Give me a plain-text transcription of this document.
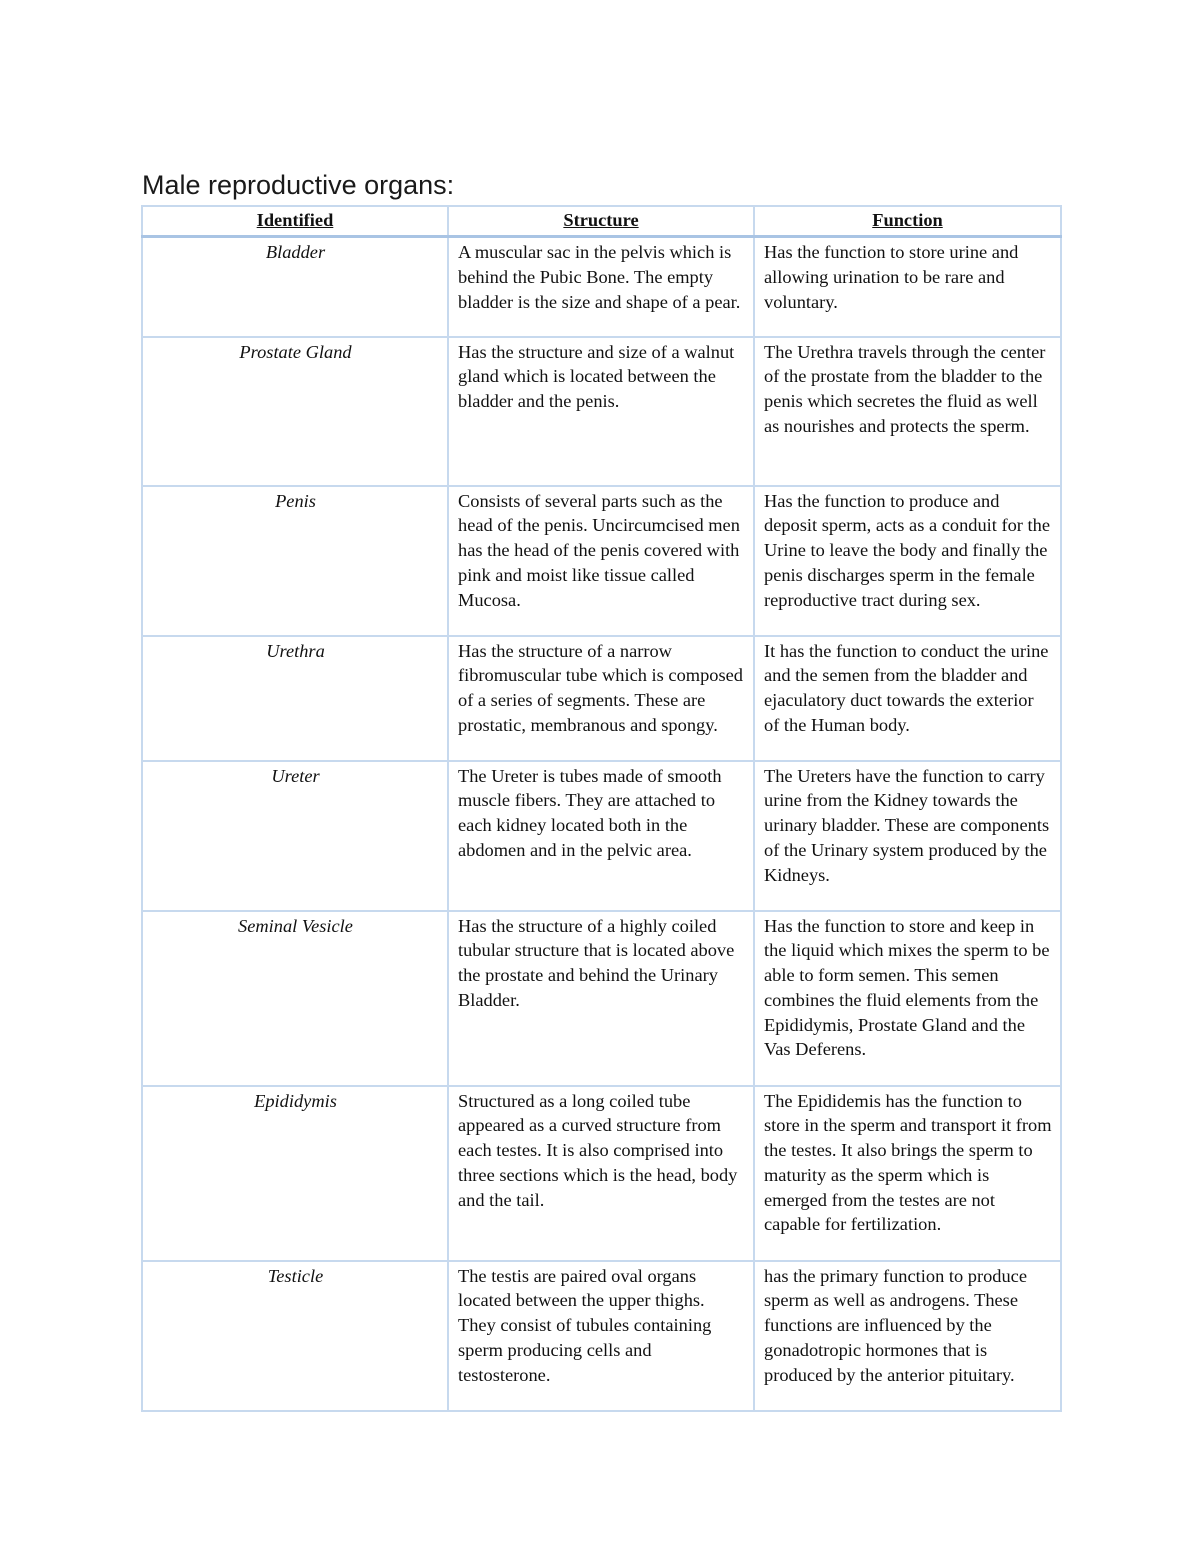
Male reproductive organs:
Identified	Structure	Function
Bladder	A muscular sac in the pelvis which is behind the Pubic Bone. The empty bladder is the size and shape of a pear.	Has the function to store urine and allowing urination to be rare and voluntary.
Prostate Gland	Has the structure and size of a walnut gland which is located between the bladder and the penis.	The Urethra travels through the center of the prostate from the bladder to the penis which secretes the fluid as well as nourishes and protects the sperm.
Penis	Consists of several parts such as the head of the penis. Uncircumcised men has the head of the penis covered with pink and moist like tissue called Mucosa.	Has the function to produce and deposit sperm, acts as a conduit for the Urine to leave the body and finally the penis discharges sperm in the female reproductive tract during sex.
Urethra	Has the structure of a narrow fibromuscular tube which is composed of a series of segments. These are prostatic, membranous and spongy.	It has the function to conduct the urine and the semen from the bladder and ejaculatory duct towards the exterior of the Human body.
Ureter	The Ureter is tubes made of smooth muscle fibers. They are attached to each kidney located both in the abdomen and in the pelvic area.	The Ureters have the function to carry urine from the Kidney towards the urinary bladder. These are components of the Urinary system produced by the Kidneys.
Seminal Vesicle	Has the structure of a highly coiled tubular structure that is located above the prostate and behind the Urinary Bladder.	Has the function to store and keep in the liquid which mixes the sperm to be able to form semen. This semen combines the fluid elements from the Epididymis, Prostate Gland and the Vas Deferens.
Epididymis	Structured as a long coiled tube appeared as a curved structure from each testes. It is also comprised into three sections which is the head, body and the tail.	The Epididemis has the function to store in the sperm and transport it from the testes. It also brings the sperm to maturity as the sperm which is emerged from the testes are not capable for fertilization.
Testicle	The testis are paired oval organs located between the upper thighs. They consist of tubules containing sperm producing cells and testosterone.	has the primary function to produce sperm as well as androgens. These functions are influenced by the gonadotropic hormones that is produced by the anterior pituitary.
